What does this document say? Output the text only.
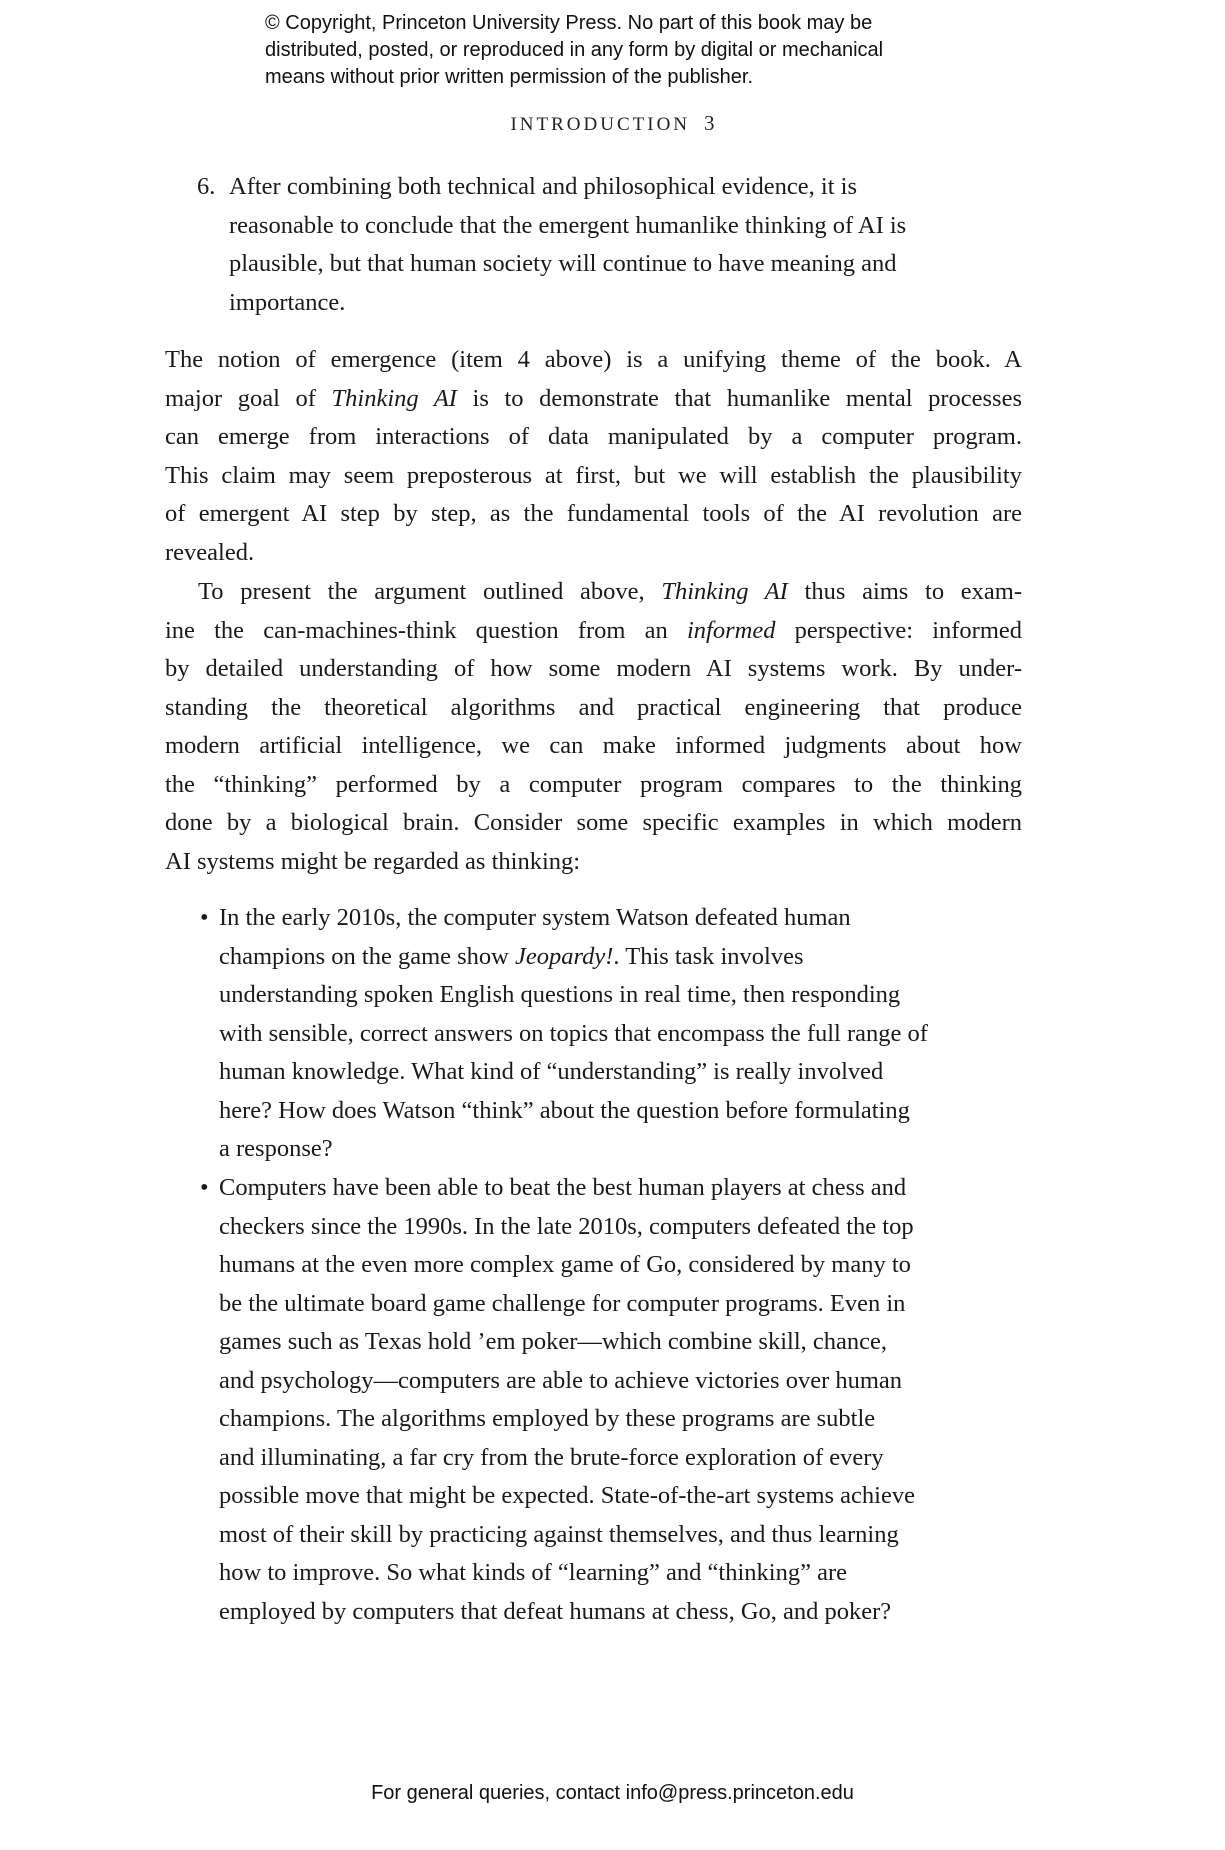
© Copyright, Princeton University Press. No part of this book may be
distributed, posted, or reproduced in any form by digital or mechanical
means without prior written permission of the publisher.
INTRODUCTION 3
6. After combining both technical and philosophical evidence, it is
reasonable to conclude that the emergent humanlike thinking of AI is
plausible, but that human society will continue to have meaning and
importance.
The notion of emergence (item 4 above) is a unifying theme of the book. A
major goal of Thinking AI is to demonstrate that humanlike mental processes
can emerge from interactions of data manipulated by a computer program.
This claim may seem preposterous at first, but we will establish the plausibility
of emergent AI step by step, as the fundamental tools of the AI revolution are
revealed.
To present the argument outlined above, Thinking AI thus aims to exam-
ine the can-machines-think question from an informed perspective: informed
by detailed understanding of how some modern AI systems work. By under-
standing the theoretical algorithms and practical engineering that produce
modern artificial intelligence, we can make informed judgments about how
the “thinking” performed by a computer program compares to the thinking
done by a biological brain. Consider some specific examples in which modern
AI systems might be regarded as thinking:
• In the early 2010s, the computer system Watson defeated human
champions on the game show Jeopardy!. This task involves
understanding spoken English questions in real time, then responding
with sensible, correct answers on topics that encompass the full range of
human knowledge. What kind of “understanding” is really involved
here? How does Watson “think” about the question before formulating
a response?
• Computers have been able to beat the best human players at chess and
checkers since the 1990s. In the late 2010s, computers defeated the top
humans at the even more complex game of Go, considered by many to
be the ultimate board game challenge for computer programs. Even in
games such as Texas hold ’em poker—which combine skill, chance,
and psychology—computers are able to achieve victories over human
champions. The algorithms employed by these programs are subtle
and illuminating, a far cry from the brute-force exploration of every
possible move that might be expected. State-of-the-art systems achieve
most of their skill by practicing against themselves, and thus learning
how to improve. So what kinds of “learning” and “thinking” are
employed by computers that defeat humans at chess, Go, and poker?
For general queries, contact info@press.princeton.edu
